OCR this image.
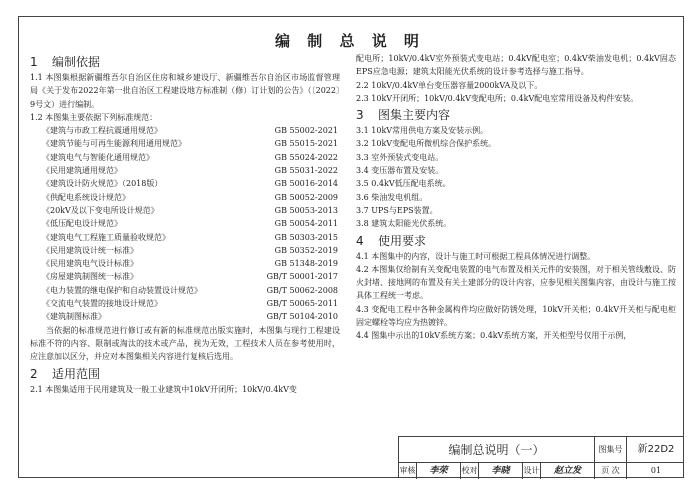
编 制 总 说 明
1 编制依据
1.1 本图集根据新疆维吾尔自治区住房和城乡建设厅、新疆维吾尔自治区市场监督管理局《关于发布2022年第一批自治区工程建设地方标准制（修）订计划的公告》（〔2022〕9号文）进行编制。
1.2 本图集主要依据下列标准规范：
《建筑与市政工程抗震通用规范》	GB 55002-2021
《建筑节能与可再生能源利用通用规范》	GB 55015-2021
《建筑电气与智能化通用规范》	GB 55024-2022
《民用建筑通用规范》	GB 55031-2022
《建筑设计防火规范》（2018版）	GB 50016-2014
《供配电系统设计规范》	GB 50052-2009
《20kV及以下变电所设计规范》	GB 50053-2013
《低压配电设计规范》	GB 50054-2011
《建筑电气工程施工质量验收规范》	GB 50303-2015
《民用建筑设计统一标准》	GB 50352-2019
《民用建筑电气设计标准》	GB 51348-2019
《房屋建筑制图统一标准》	GB/T 50001-2017
《电力装置的继电保护和自动装置设计规范》	GB/T 50062-2008
《交流电气装置的接地设计规范》	GB/T 50065-2011
《建筑制图标准》	GB/T 50104-2010
当依据的标准规范进行修订或有新的标准规范出版实施时，本图集与现行工程建设标准不符的内容、限制或淘汰的技术或产品，视为无效，工程技术人员在参考使用时，应注意加以区分，并应对本图集相关内容进行复核后选用。
2 适用范围
2.1 本图集适用于民用建筑及一般工业建筑中10kV开闭所；10kV/0.4kV变
配电所；10kV/0.4kV室外预装式变电站；0.4kV配电室；0.4kV柴油发电机；0.4kV固态EPS应急电源；建筑太阳能光伏系统的设计参考选择与施工指导。
2.2 10kV/0.4kV单台变压器容量2000kVA及以下。
2.3 10kV开闭所；10kV/0.4kV变配电所；0.4kV配电室常用设备及构件安装。
3 图集主要内容
3.1 10kV常用供电方案及安装示例。
3.2 10kV变配电所微机综合保护系统。
3.3 室外预装式变电站。
3.4 变压器布置及安装。
3.5 0.4kV低压配电系统。
3.6 柴油发电机组。
3.7 UPS与EPS装置。
3.8 建筑太阳能光伏系统。
4 使用要求
4.1 本图集中的内容，设计与施工时可根据工程具体情况进行调整。
4.2 本图集仅给制有关变配电装置的电气布置及相关元件的安装图，对于相关管线敷设、防火封堵、接地网的布置及有关土建部分的设计内容，应参见相关图集内容，由设计与施工按具体工程统一考虑。
4.3 变配电工程中各种金属构件均应做好防锈处理，10kV开关柜；0.4kV开关柜与配电柜固定螺栓等均应为热镀锌。
4.4 图集中示出的10kV系统方案；0.4kV系统方案，开关柜型号仅用于示例，
编制总说明（一）	图集号	新22D2
审核	李荣	校对	李晓	设计	赵立发	页 次	01
